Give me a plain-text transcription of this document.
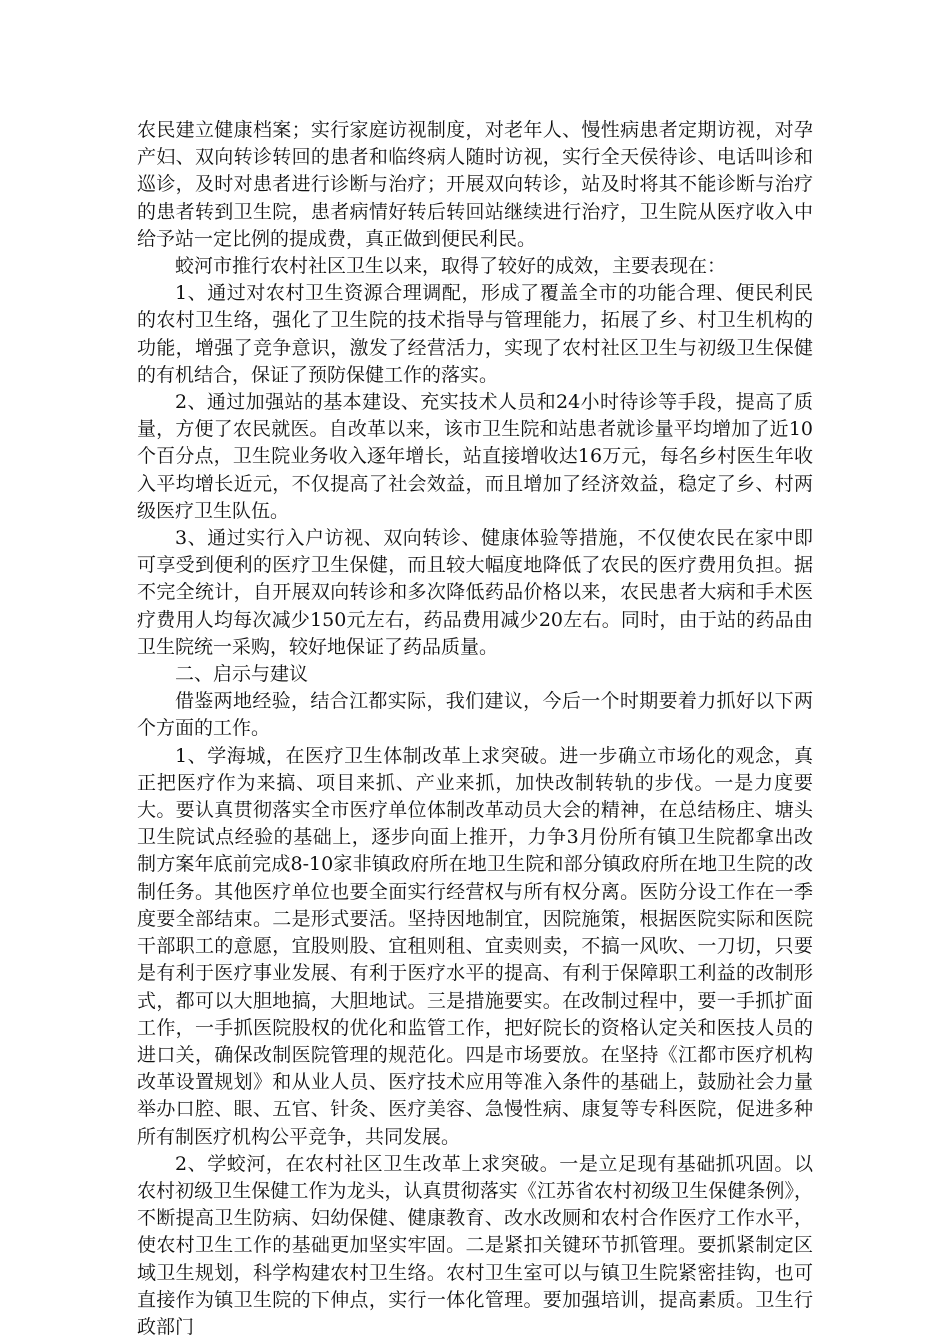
农民建立健康档案；实行家庭访视制度，对老年人、慢性病患者定期访视，对孕产妇、双向转诊转回的患者和临终病人随时访视，实行全天侯待诊、电话叫诊和巡诊，及时对患者进行诊断与治疗；开展双向转诊，站及时将其不能诊断与治疗的患者转到卫生院，患者病情好转后转回站继续进行治疗，卫生院从医疗收入中给予站一定比例的提成费，真正做到便民利民。

蛟河市推行农村社区卫生以来，取得了较好的成效，主要表现在：

1、通过对农村卫生资源合理调配，形成了覆盖全市的功能合理、便民利民的农村卫生络，强化了卫生院的技术指导与管理能力，拓展了乡、村卫生机构的功能，增强了竞争意识，激发了经营活力，实现了农村社区卫生与初级卫生保健的有机结合，保证了预防保健工作的落实。

2、通过加强站的基本建设、充实技术人员和24小时待诊等手段，提高了质量，方便了农民就医。自改革以来，该市卫生院和站患者就诊量平均增加了近10个百分点，卫生院业务收入逐年增长，站直接增收达16万元，每名乡村医生年收入平均增长近元，不仅提高了社会效益，而且增加了经济效益，稳定了乡、村两级医疗卫生队伍。

3、通过实行入户访视、双向转诊、健康体验等措施，不仅使农民在家中即可享受到便利的医疗卫生保健，而且较大幅度地降低了农民的医疗费用负担。据不完全统计，自开展双向转诊和多次降低药品价格以来，农民患者大病和手术医疗费用人均每次减少150元左右，药品费用减少20左右。同时，由于站的药品由卫生院统一采购，较好地保证了药品质量。

二、启示与建议

借鉴两地经验，结合江都实际，我们建议，今后一个时期要着力抓好以下两个方面的工作。

1、学海城，在医疗卫生体制改革上求突破。进一步确立市场化的观念，真正把医疗作为来搞、项目来抓、产业来抓，加快改制转轨的步伐。一是力度要大。要认真贯彻落实全市医疗单位体制改革动员大会的精神，在总结杨庄、塘头卫生院试点经验的基础上，逐步向面上推开，力争3月份所有镇卫生院都拿出改制方案年底前完成8-10家非镇政府所在地卫生院和部分镇政府所在地卫生院的改制任务。其他医疗单位也要全面实行经营权与所有权分离。医防分设工作在一季度要全部结束。二是形式要活。坚持因地制宜，因院施策，根据医院实际和医院干部职工的意愿，宜股则股、宜租则租、宜卖则卖，不搞一风吹、一刀切，只要是有利于医疗事业发展、有利于医疗水平的提高、有利于保障职工利益的改制形式，都可以大胆地搞，大胆地试。三是措施要实。在改制过程中，要一手抓扩面工作，一手抓医院股权的优化和监管工作，把好院长的资格认定关和医技人员的进口关，确保改制医院管理的规范化。四是市场要放。在坚持《江都市医疗机构改革设置规划》和从业人员、医疗技术应用等准入条件的基础上，鼓励社会力量举办口腔、眼、五官、针灸、医疗美容、急慢性病、康复等专科医院，促进多种所有制医疗机构公平竞争，共同发展。

2、学蛟河，在农村社区卫生改革上求突破。一是立足现有基础抓巩固。以农村初级卫生保健工作为龙头，认真贯彻落实《江苏省农村初级卫生保健条例》，不断提高卫生防病、妇幼保健、健康教育、改水改厕和农村合作医疗工作水平，使农村卫生工作的基础更加坚实牢固。二是紧扣关键环节抓管理。要抓紧制定区域卫生规划，科学构建农村卫生络。农村卫生室可以与镇卫生院紧密挂钩，也可直接作为镇卫生院的下伸点，实行一体化管理。要加强培训，提高素质。卫生行政部门
